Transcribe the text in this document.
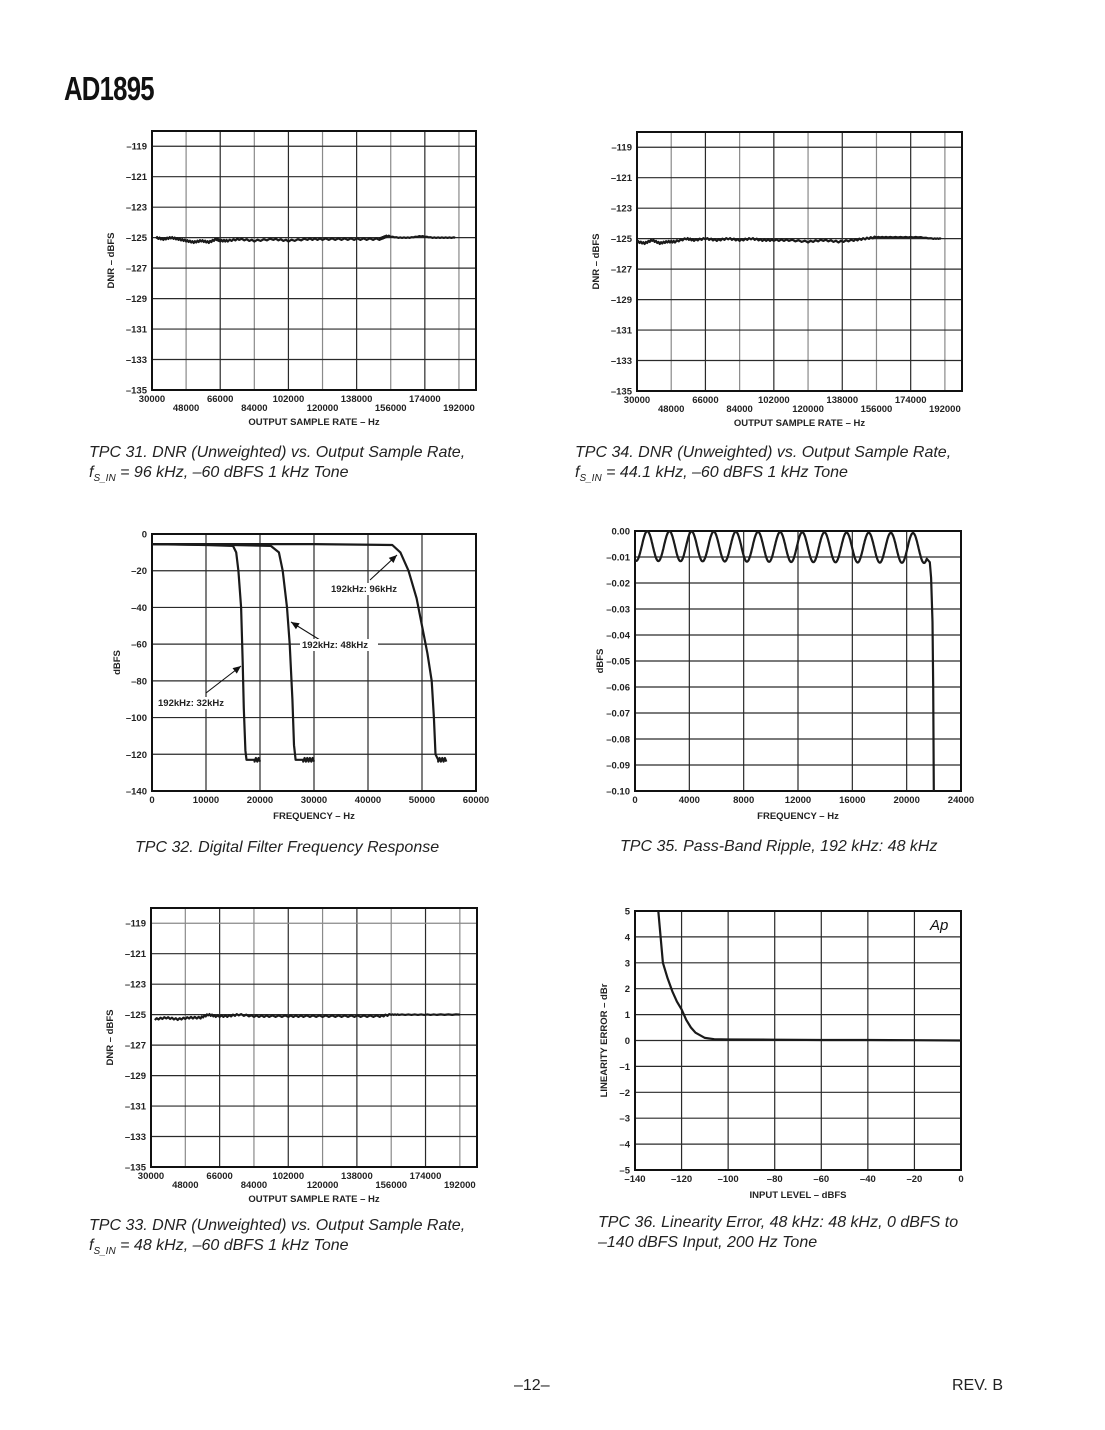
AD1895
–119
–121
–123
–125
–127
–129
–131
–133
–135
30000
48000
66000
84000
102000
120000
138000
156000
174000
192000
OUTPUT SAMPLE RATE – Hz
DNR – dBFS
0
–20
–40
–60
–80
–100
–120
–140
0	10000	20000	30000	40000	50000	60000
FREQUENCY – Hz
dBFS
192kHz: 96kHz
192kHz: 48kHz
192kHz: 32kHz
–119
–121
–123
–125
–127
–129
–131
–133
–135
30000
48000
66000
84000
102000
120000
138000
156000
174000
192000
OUTPUT SAMPLE RATE – Hz
DNR – dBFS
–119
–121
–123
–125
–127
–129
–131
–133
–135
30000
48000
66000
84000
102000
120000
138000
156000
174000
192000
OUTPUT SAMPLE RATE – Hz
DNR – dBFS
0.00
–0.01
–0.02
–0.03
–0.04
–0.05
–0.06
–0.07
–0.08
–0.09
–0.10
0	4000	8000	12000	16000	20000	24000
FREQUENCY – Hz
dBFS
5
4
3
2
1
0
–1
–2
–3
–4
–5
–140	–120	–100	–80	–60	–40	–20	0
INPUT LEVEL – dBFS
LINEARITY ERROR – dBr
Ap
TPC 31. DNR (Unweighted) vs. Output Sample Rate,
$f_{S\_IN} = 96$ kHz, –60 dBFS 1 kHz Tone
TPC 32. Digital Filter Frequency Response
TPC 33. DNR (Unweighted) vs. Output Sample Rate,
$f_{S\_IN} = 48$ kHz, –60 dBFS 1 kHz Tone
TPC 34. DNR (Unweighted) vs. Output Sample Rate,
$f_{S\_IN} = 44.1$ kHz, –60 dBFS 1 kHz Tone
TPC 35. Pass-Band Ripple, 192 kHz: 48 kHz
TPC 36. Linearity Error, 48 kHz: 48 kHz, 0 dBFS to
–140 dBFS Input, 200 Hz Tone
–12–	REV. B
